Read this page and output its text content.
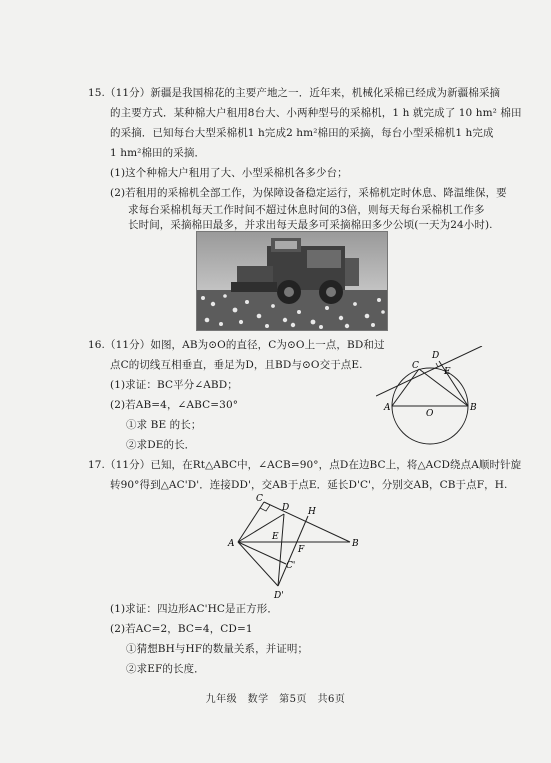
15.（11分）新疆是我国棉花的主要产地之一．近年来，机械化采棉已经成为新疆棉采摘
的主要方式．某种棉大户租用8台大、小两种型号的采棉机，1 h 就完成了 10 hm² 棉田
的采摘．已知每台大型采棉机1 h完成2 hm²棉田的采摘，每台小型采棉机1 h完成
1 hm²棉田的采摘．
(1)这个种棉大户租用了大、小型采棉机各多少台；
(2)若租用的采棉机全部工作，为保障设备稳定运行，采棉机定时休息、降温维保，要
求每台采棉机每天工作时间不超过休息时间的3倍，则每天每台采棉机工作多
长时间，采摘棉田最多，并求出每天最多可采摘棉田多少公顷(一天为24小时).
16.（11分）如图，AB为⊙O的直径，C为⊙O上一点，BD和过
点C的切线互相垂直，垂足为D，且BD与⊙O交于点E.
(1)求证：BC平分∠ABD；
(2)若AB=4，∠ABC=30°
①求 BE 的长；
②求DE的长．
A
O
B
C
D
E
17.（11分）已知，在Rt△ABC中，∠ACB=90°，点D在边BC上，将△ACD绕点A顺时针旋
转90°得到△AC'D'．连接DD'，交AB于点E．延长D'C'，分别交AB，CB于点F，H.
C
D H
A
E
F
B
C'
D'
(1)求证：四边形AC'HC是正方形．
(2)若AC=2，BC=4，CD=1
①猜想BH与HF的数量关系，并证明；
②求EF的长度．
九年级　数学　第5页　共6页
